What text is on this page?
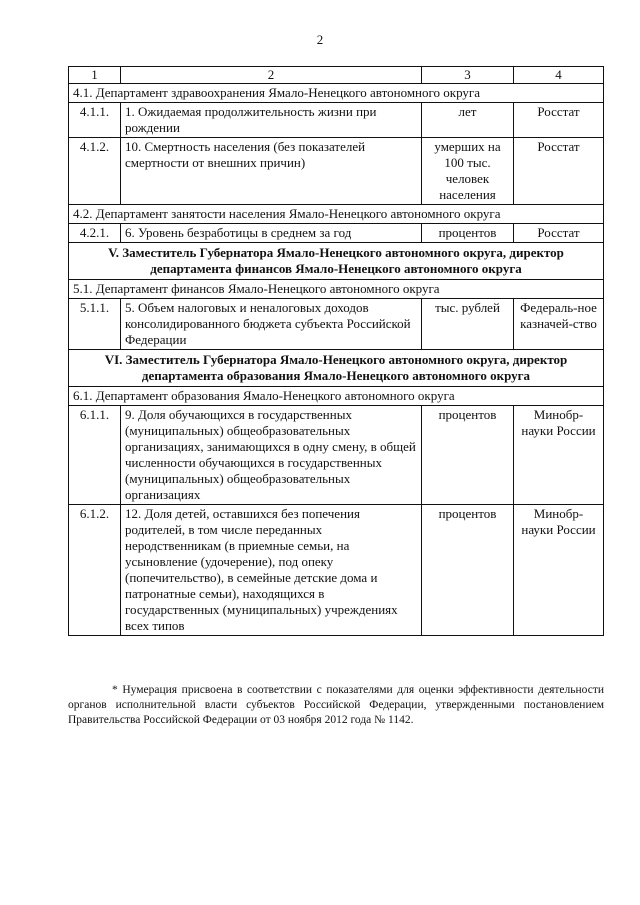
2
1	2	3	4
4.1. Департамент здравоохранения Ямало-Ненецкого автономного округа			
4.1.1.	1. Ожидаемая продолжительность жизни при рождении	лет	Росстат
4.1.2.	10. Смертность населения (без показателей смертности от внешних причин)	умерших на 100 тыс. человек населения	Росстат
4.2. Департамент занятости населения Ямало-Ненецкого автономного округа			
4.2.1.	6. Уровень безработицы в среднем за год	процентов	Росстат
V. Заместитель Губернатора Ямало-Ненецкого автономного округа, директор департамента финансов Ямало-Ненецкого автономного округа			
5.1. Департамент финансов Ямало-Ненецкого автономного округа			
5.1.1.	5. Объем налоговых и неналоговых доходов консолидированного бюджета субъекта Российской Федерации	тыс. рублей	Федераль-ное казначей-ство
VI. Заместитель Губернатора Ямало-Ненецкого автономного округа, директор департамента образования Ямало-Ненецкого автономного округа			
6.1. Департамент образования Ямало-Ненецкого автономного округа			
6.1.1.	9. Доля обучающихся в государственных (муниципальных) общеобразовательных организациях, занимающихся в одну смену, в общей численности обучающихся в государственных (муниципальных) общеобразовательных организациях	процентов	Минобр-науки России
6.1.2.	12. Доля детей, оставшихся без попечения родителей, в том числе переданных неродственникам (в приемные семьи, на усыновление (удочерение), под опеку (попечительство), в семейные детские дома и патронатные семьи), находящихся в государственных (муниципальных) учреждениях всех типов	процентов	Минобр-науки России
* Нумерация присвоена в соответствии с показателями для оценки эффективности деятельности органов исполнительной власти субъектов Российской Федерации, утвержденными постановлением Правительства Российской Федерации от 03 ноября 2012 года № 1142.
